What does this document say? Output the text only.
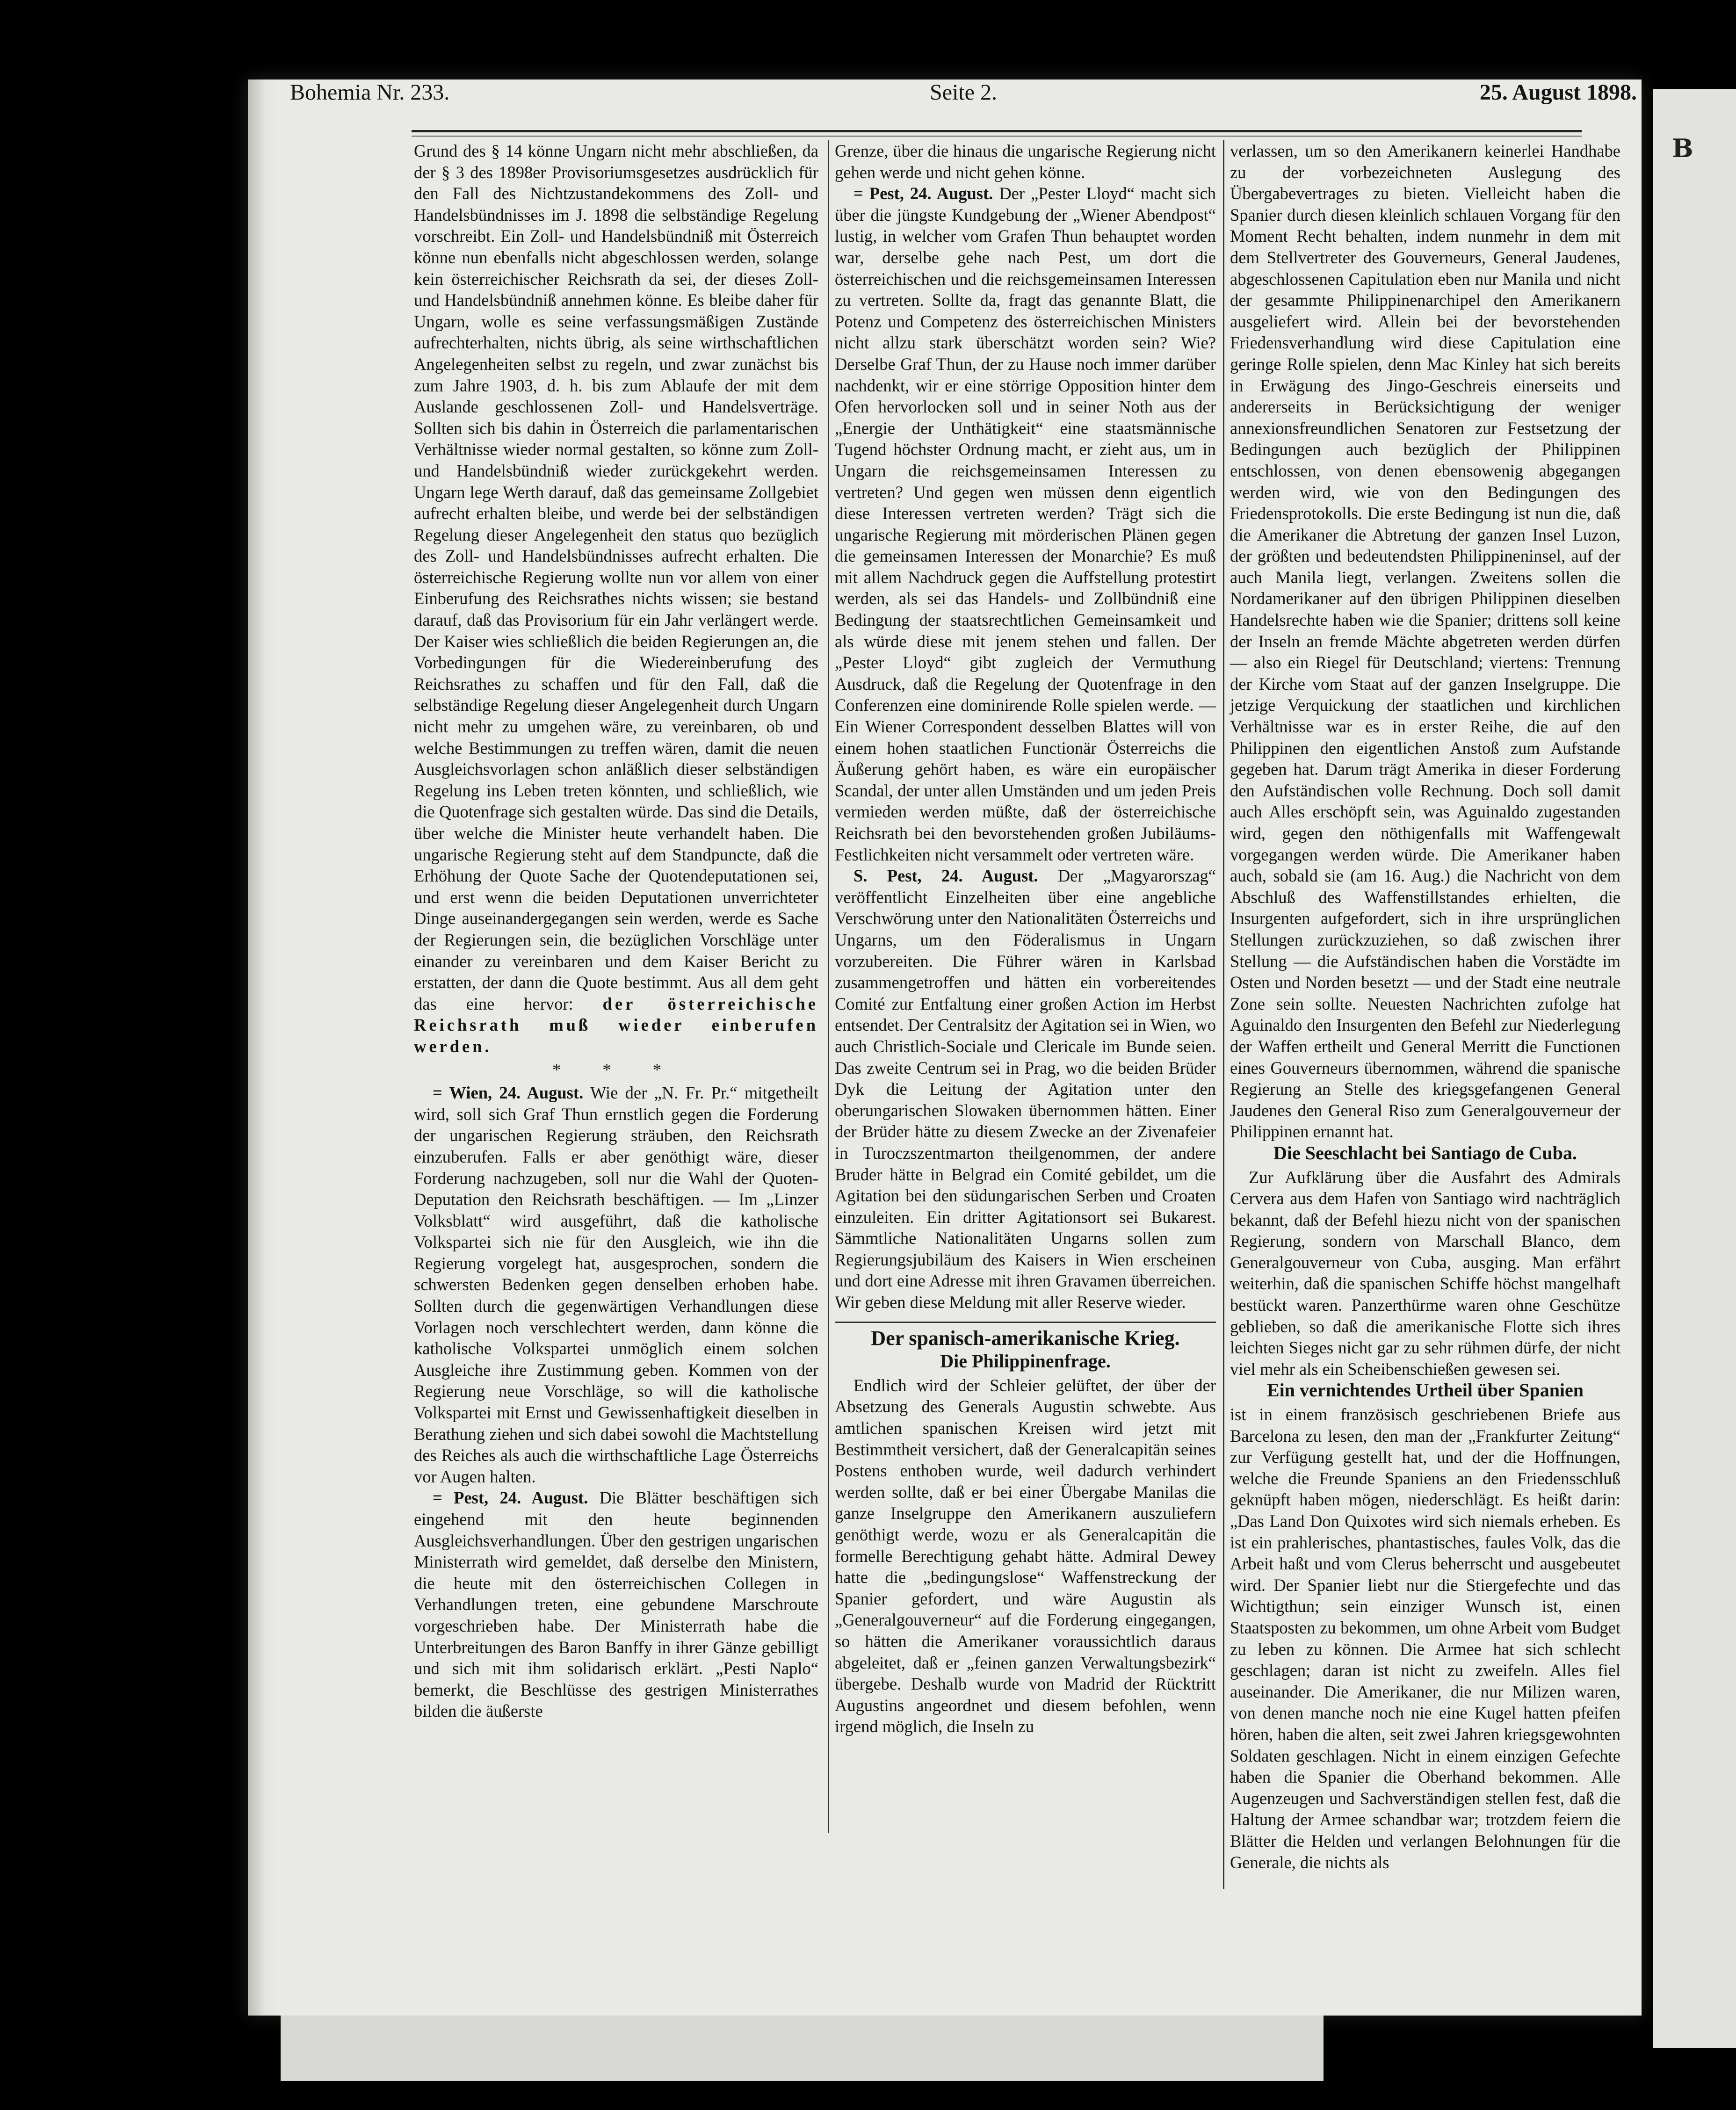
B
Bohemia Nr. 233.	Seite 2.	25. August 1898.

Grund des § 14 könne Ungarn nicht mehr abschließen, da der § 3 des 1898er Provisoriumsgesetzes ausdrücklich für den Fall des Nichtzustandekommens des Zoll- und Handelsbündnisses im J. 1898 die selbständige Regelung vorschreibt. Ein Zoll- und Handelsbündniß mit Österreich könne nun ebenfalls nicht abgeschlossen werden, solange kein österreichischer Reichsrath da sei, der dieses Zoll- und Handelsbündniß annehmen könne. Es bleibe daher für Ungarn, wolle es seine verfassungsmäßigen Zustände aufrechterhalten, nichts übrig, als seine wirthschaftlichen Angelegenheiten selbst zu regeln, und zwar zunächst bis zum Jahre 1903, d. h. bis zum Ablaufe der mit dem Auslande geschlossenen Zoll- und Handelsverträge. Sollten sich bis dahin in Österreich die parlamentarischen Verhältnisse wieder normal gestalten, so könne zum Zoll- und Handelsbündniß wieder zurückgekehrt werden. Ungarn lege Werth darauf, daß das gemeinsame Zollgebiet aufrecht erhalten bleibe, und werde bei der selbständigen Regelung dieser Angelegenheit den status quo bezüglich des Zoll- und Handelsbündnisses aufrecht erhalten. Die österreichische Regierung wollte nun vor allem von einer Einberufung des Reichsrathes nichts wissen; sie bestand darauf, daß das Provisorium für ein Jahr verlängert werde. Der Kaiser wies schließlich die beiden Regierungen an, die Vorbedingungen für die Wiedereinberufung des Reichsrathes zu schaffen und für den Fall, daß die selbständige Regelung dieser Angelegenheit durch Ungarn nicht mehr zu umgehen wäre, zu vereinbaren, ob und welche Bestimmungen zu treffen wären, damit die neuen Ausgleichsvorlagen schon anläßlich dieser selbständigen Regelung ins Leben treten könnten, und schließlich, wie die Quotenfrage sich gestalten würde. Das sind die Details, über welche die Minister heute verhandelt haben. Die ungarische Regierung steht auf dem Standpuncte, daß die Erhöhung der Quote Sache der Quotendeputationen sei, und erst wenn die beiden Deputationen unverrichteter Dinge auseinandergegangen sein werden, werde es Sache der Regierungen sein, die bezüglichen Vorschläge unter einander zu vereinbaren und dem Kaiser Bericht zu erstatten, der dann die Quote bestimmt. Aus all dem geht das eine hervor: der österreichische Reichsrath muß wieder einberufen werden.

* * *

= Wien, 24. August. Wie der „N. Fr. Pr.“ mitgetheilt wird, soll sich Graf Thun ernstlich gegen die Forderung der ungarischen Regierung sträuben, den Reichsrath einzuberufen. Falls er aber genöthigt wäre, dieser Forderung nachzugeben, soll nur die Wahl der Quoten-Deputation den Reichsrath beschäftigen. — Im „Linzer Volksblatt“ wird ausgeführt, daß die katholische Volkspartei sich nie für den Ausgleich, wie ihn die Regierung vorgelegt hat, ausgesprochen, sondern die schwersten Bedenken gegen denselben erhoben habe. Sollten durch die gegenwärtigen Verhandlungen diese Vorlagen noch verschlechtert werden, dann könne die katholische Volkspartei unmöglich einem solchen Ausgleiche ihre Zustimmung geben. Kommen von der Regierung neue Vorschläge, so will die katholische Volkspartei mit Ernst und Gewissenhaftigkeit dieselben in Berathung ziehen und sich dabei sowohl die Machtstellung des Reiches als auch die wirthschaftliche Lage Österreichs vor Augen halten.

= Pest, 24. August. Die Blätter beschäftigen sich eingehend mit den heute beginnenden Ausgleichsverhandlungen. Über den gestrigen ungarischen Ministerrath wird gemeldet, daß derselbe den Ministern, die heute mit den österreichischen Collegen in Verhandlungen treten, eine gebundene Marschroute vorgeschrieben habe. Der Ministerrath habe die Unterbreitungen des Baron Banffy in ihrer Gänze gebilligt und sich mit ihm solidarisch erklärt. „Pesti Naplo“ bemerkt, die Beschlüsse des gestrigen Ministerrathes bilden die äußerste

Grenze, über die hinaus die ungarische Regierung nicht gehen werde und nicht gehen könne.

= Pest, 24. August. Der „Pester Lloyd“ macht sich über die jüngste Kundgebung der „Wiener Abendpost“ lustig, in welcher vom Grafen Thun behauptet worden war, derselbe gehe nach Pest, um dort die österreichischen und die reichsgemeinsamen Interessen zu vertreten. Sollte da, fragt das genannte Blatt, die Potenz und Competenz des österreichischen Ministers nicht allzu stark überschätzt worden sein? Wie? Derselbe Graf Thun, der zu Hause noch immer darüber nachdenkt, wir er eine störrige Opposition hinter dem Ofen hervorlocken soll und in seiner Noth aus der „Energie der Unthätigkeit“ eine staatsmännische Tugend höchster Ordnung macht, er zieht aus, um in Ungarn die reichsgemeinsamen Interessen zu vertreten? Und gegen wen müssen denn eigentlich diese Interessen vertreten werden? Trägt sich die ungarische Regierung mit mörderischen Plänen gegen die gemeinsamen Interessen der Monarchie? Es muß mit allem Nachdruck gegen die Auffstellung protestirt werden, als sei das Handels- und Zollbündniß eine Bedingung der staatsrechtlichen Gemeinsamkeit und als würde diese mit jenem stehen und fallen. Der „Pester Lloyd“ gibt zugleich der Vermuthung Ausdruck, daß die Regelung der Quotenfrage in den Conferenzen eine dominirende Rolle spielen werde. — Ein Wiener Correspondent desselben Blattes will von einem hohen staatlichen Functionär Österreichs die Äußerung gehört haben, es wäre ein europäischer Scandal, der unter allen Umständen und um jeden Preis vermieden werden müßte, daß der österreichische Reichsrath bei den bevorstehenden großen Jubiläums-Festlichkeiten nicht versammelt oder vertreten wäre.

S. Pest, 24. August. Der „Magyarorszag“ veröffentlicht Einzelheiten über eine angebliche Verschwörung unter den Nationalitäten Österreichs und Ungarns, um den Föderalismus in Ungarn vorzubereiten. Die Führer wären in Karlsbad zusammengetroffen und hätten ein vorbereitendes Comité zur Entfaltung einer großen Action im Herbst entsendet. Der Centralsitz der Agitation sei in Wien, wo auch Christlich-Sociale und Clericale im Bunde seien. Das zweite Centrum sei in Prag, wo die beiden Brüder Dyk die Leitung der Agitation unter den oberungarischen Slowaken übernommen hätten. Einer der Brüder hätte zu diesem Zwecke an der Zivenafeier in Turoczszentmarton theilgenommen, der andere Bruder hätte in Belgrad ein Comité gebildet, um die Agitation bei den südungarischen Serben und Croaten einzuleiten. Ein dritter Agitationsort sei Bukarest. Sämmtliche Nationalitäten Ungarns sollen zum Regierungsjubiläum des Kaisers in Wien erscheinen und dort eine Adresse mit ihren Gravamen überreichen. Wir geben diese Meldung mit aller Reserve wieder.

Der spanisch-amerikanische Krieg.
Die Philippinenfrage.

Endlich wird der Schleier gelüftet, der über der Absetzung des Generals Augustin schwebte. Aus amtlichen spanischen Kreisen wird jetzt mit Bestimmtheit versichert, daß der Generalcapitän seines Postens enthoben wurde, weil dadurch verhindert werden sollte, daß er bei einer Übergabe Manilas die ganze Inselgruppe den Amerikanern auszuliefern genöthigt werde, wozu er als Generalcapitän die formelle Berechtigung gehabt hätte. Admiral Dewey hatte die „bedingungslose“ Waffenstreckung der Spanier gefordert, und wäre Augustin als „Generalgouverneur“ auf die Forderung eingegangen, so hätten die Amerikaner voraussichtlich daraus abgeleitet, daß er „feinen ganzen Verwaltungsbezirk“ übergebe. Deshalb wurde von Madrid der Rücktritt Augustins angeordnet und diesem befohlen, wenn irgend möglich, die Inseln zu

verlassen, um so den Amerikanern keinerlei Handhabe zu der vorbezeichneten Auslegung des Übergabevertrages zu bieten. Vielleicht haben die Spanier durch diesen kleinlich schlauen Vorgang für den Moment Recht behalten, indem nunmehr in dem mit dem Stellvertreter des Gouverneurs, General Jaudenes, abgeschlossenen Capitulation eben nur Manila und nicht der gesammte Philippinenarchipel den Amerikanern ausgeliefert wird. Allein bei der bevorstehenden Friedensverhandlung wird diese Capitulation eine geringe Rolle spielen, denn Mac Kinley hat sich bereits in Erwägung des Jingo-Geschreis einerseits und andererseits in Berücksichtigung der weniger annexionsfreundlichen Senatoren zur Festsetzung der Bedingungen auch bezüglich der Philippinen entschlossen, von denen ebensowenig abgegangen werden wird, wie von den Bedingungen des Friedensprotokolls. Die erste Bedingung ist nun die, daß die Amerikaner die Abtretung der ganzen Insel Luzon, der größten und bedeutendsten Philippineninsel, auf der auch Manila liegt, verlangen. Zweitens sollen die Nordamerikaner auf den übrigen Philippinen dieselben Handelsrechte haben wie die Spanier; drittens soll keine der Inseln an fremde Mächte abgetreten werden dürfen — also ein Riegel für Deutschland; viertens: Trennung der Kirche vom Staat auf der ganzen Inselgruppe. Die jetzige Verquickung der staatlichen und kirchlichen Verhältnisse war es in erster Reihe, die auf den Philippinen den eigentlichen Anstoß zum Aufstande gegeben hat. Darum trägt Amerika in dieser Forderung den Aufständischen volle Rechnung. Doch soll damit auch Alles erschöpft sein, was Aguinaldo zugestanden wird, gegen den nöthigenfalls mit Waffengewalt vorgegangen werden würde. Die Amerikaner haben auch, sobald sie (am 16. Aug.) die Nachricht von dem Abschluß des Waffenstillstandes erhielten, die Insurgenten aufgefordert, sich in ihre ursprünglichen Stellungen zurückzuziehen, so daß zwischen ihrer Stellung — die Aufständischen haben die Vorstädte im Osten und Norden besetzt — und der Stadt eine neutrale Zone sein sollte. Neuesten Nachrichten zufolge hat Aguinaldo den Insurgenten den Befehl zur Niederlegung der Waffen ertheilt und General Merritt die Functionen eines Gouverneurs übernommen, während die spanische Regierung an Stelle des kriegsgefangenen General Jaudenes den General Riso zum Generalgouverneur der Philippinen ernannt hat.

Die Seeschlacht bei Santiago de Cuba.

Zur Aufklärung über die Ausfahrt des Admirals Cervera aus dem Hafen von Santiago wird nachträglich bekannt, daß der Befehl hiezu nicht von der spanischen Regierung, sondern von Marschall Blanco, dem Generalgouverneur von Cuba, ausging. Man erfährt weiterhin, daß die spanischen Schiffe höchst mangelhaft bestückt waren. Panzerthürme waren ohne Geschütze geblieben, so daß die amerikanische Flotte sich ihres leichten Sieges nicht gar zu sehr rühmen dürfe, der nicht viel mehr als ein Scheibenschießen gewesen sei.

Ein vernichtendes Urtheil über Spanien

ist in einem französisch geschriebenen Briefe aus Barcelona zu lesen, den man der „Frankfurter Zeitung“ zur Verfügung gestellt hat, und der die Hoffnungen, welche die Freunde Spaniens an den Friedensschluß geknüpft haben mögen, niederschlägt. Es heißt darin: „Das Land Don Quixotes wird sich niemals erheben. Es ist ein prahlerisches, phantastisches, faules Volk, das die Arbeit haßt und vom Clerus beherrscht und ausgebeutet wird. Der Spanier liebt nur die Stiergefechte und das Wichtigthun; sein einziger Wunsch ist, einen Staatsposten zu bekommen, um ohne Arbeit vom Budget zu leben zu können. Die Armee hat sich schlecht geschlagen; daran ist nicht zu zweifeln. Alles fiel auseinander. Die Amerikaner, die nur Milizen waren, von denen manche noch nie eine Kugel hatten pfeifen hören, haben die alten, seit zwei Jahren kriegsgewohnten Soldaten geschlagen. Nicht in einem einzigen Gefechte haben die Spanier die Oberhand bekommen. Alle Augenzeugen und Sachverständigen stellen fest, daß die Haltung der Armee schandbar war; trotzdem feiern die Blätter die Helden und verlangen Belohnungen für die Generale, die nichts als
